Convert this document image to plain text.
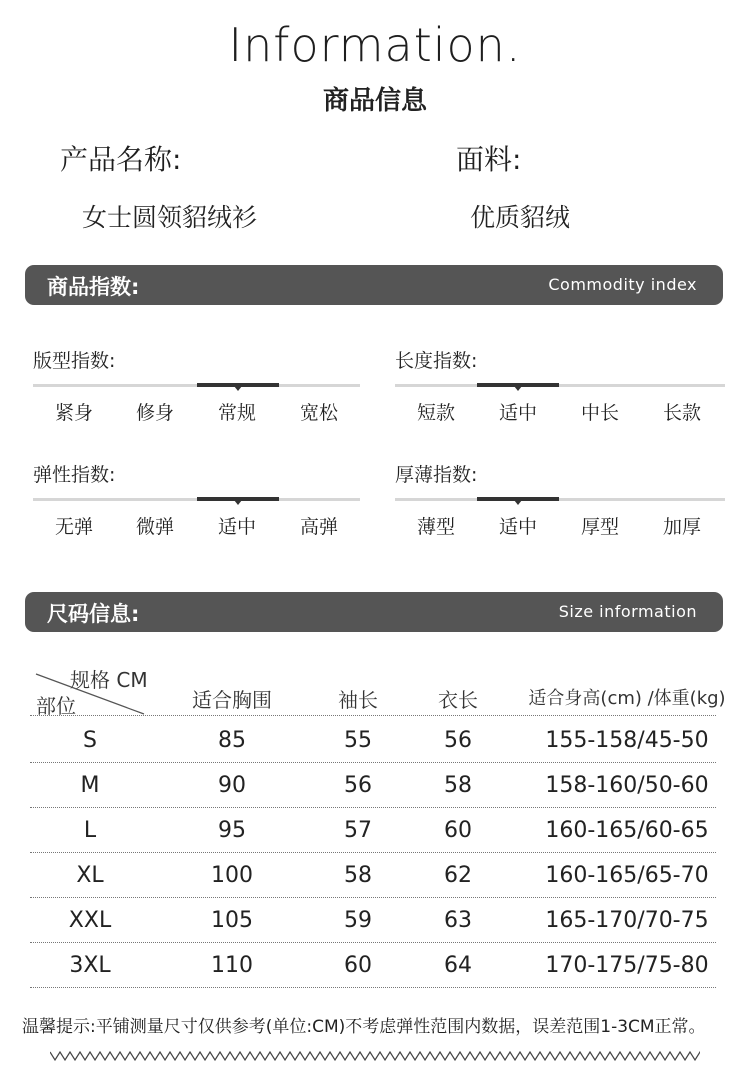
Information.
商品信息
产品名称:
女士圆领貂绒衫
面料:
优质貂绒
商品指数:	Commodity index
版型指数:
紧身	修身	常规	宽松
长度指数:
短款	适中	中长	长款
弹性指数:
无弹	微弹	适中	高弹
厚薄指数:
薄型	适中	厚型	加厚
尺码信息:	Size information
规格 CM
部位	适合胸围	袖长	衣长	适合身高(cm) /体重(kg)
S	85	55	56	155-158/45-50
M	90	56	58	158-160/50-60
L	95	57	60	160-165/60-65
XL	100	58	62	160-165/65-70
XXL	105	59	63	165-170/70-75
3XL	110	60	64	170-175/75-80
温馨提示:平铺测量尺寸仅供参考(单位:CM)不考虑弹性范围内数据，误差范围1-3CM正常。
